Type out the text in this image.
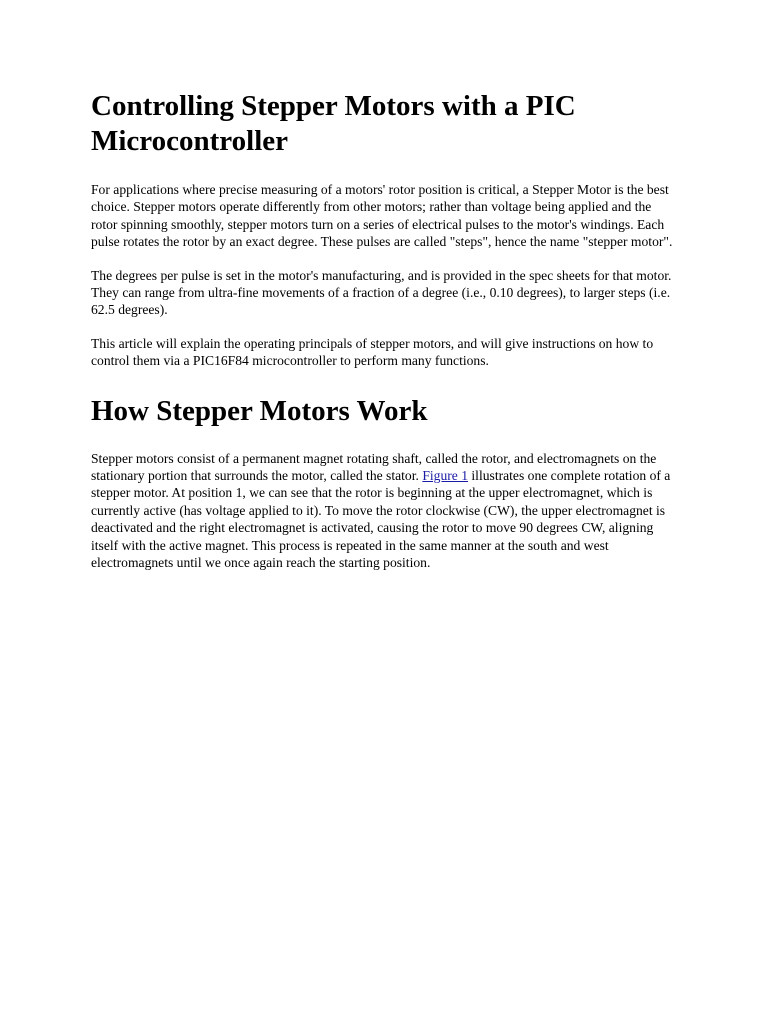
Controlling Stepper Motors with a PIC Microcontroller

For applications where precise measuring of a motors' rotor position is critical, a Stepper Motor is the best choice. Stepper motors operate differently from other motors; rather than voltage being applied and the rotor spinning smoothly, stepper motors turn on a series of electrical pulses to the motor's windings. Each pulse rotates the rotor by an exact degree. These pulses are called "steps", hence the name "stepper motor".

The degrees per pulse is set in the motor's manufacturing, and is provided in the spec sheets for that motor. They can range from ultra-fine movements of a fraction of a degree (i.e., 0.10 degrees), to larger steps (i.e. 62.5 degrees).

This article will explain the operating principals of stepper motors, and will give instructions on how to control them via a PIC16F84 microcontroller to perform many functions.

How Stepper Motors Work

Stepper motors consist of a permanent magnet rotating shaft, called the rotor, and electromagnets on the stationary portion that surrounds the motor, called the stator. Figure 1 illustrates one complete rotation of a stepper motor. At position 1, we can see that the rotor is beginning at the upper electromagnet, which is currently active (has voltage applied to it). To move the rotor clockwise (CW), the upper electromagnet is deactivated and the right electromagnet is activated, causing the rotor to move 90 degrees CW, aligning itself with the active magnet. This process is repeated in the same manner at the south and west electromagnets until we once again reach the starting position.
